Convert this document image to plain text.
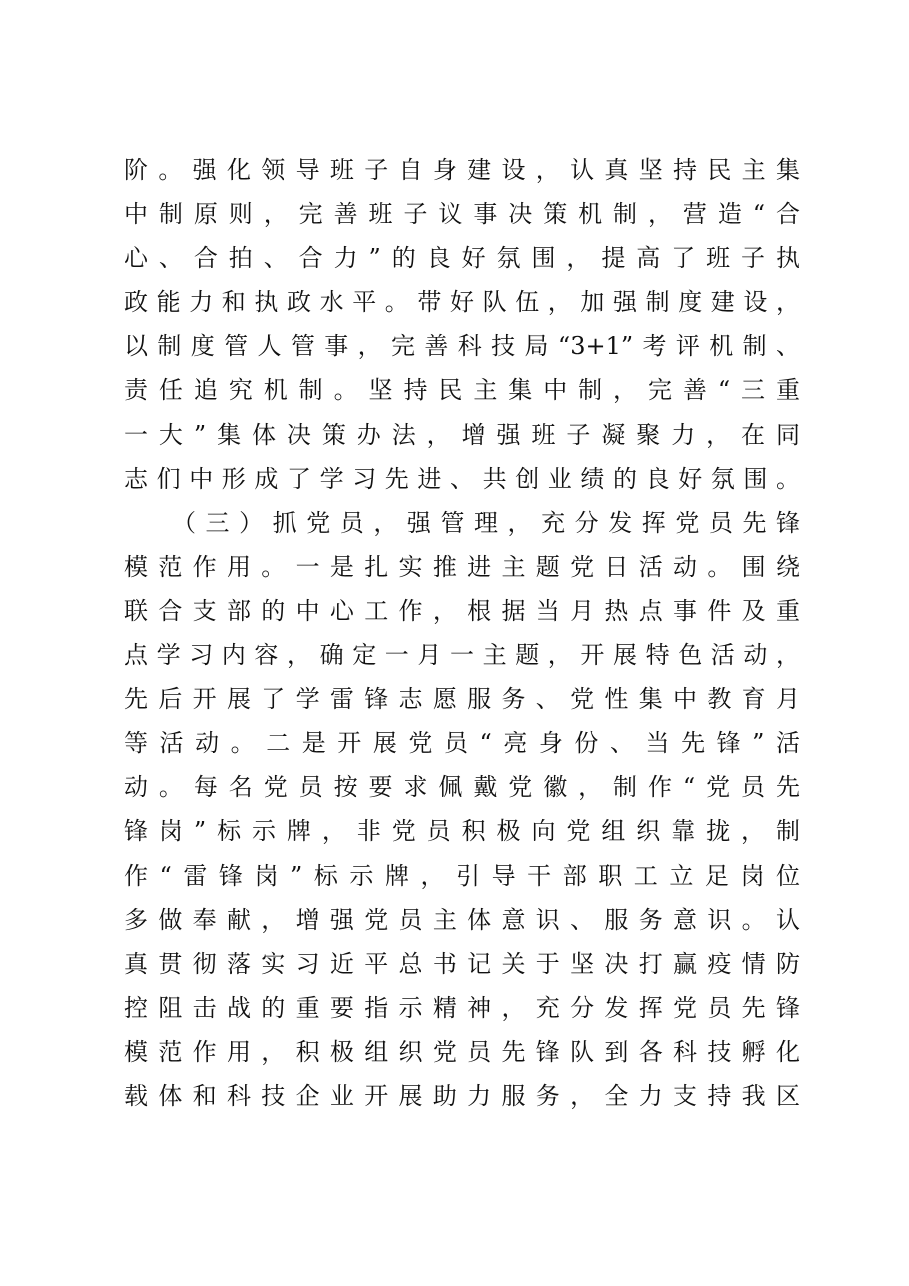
阶。强化领导班子自身建设，认真坚持民主集
中制原则，完善班子议事决策机制，营造“合
心、合拍、合力”的良好氛围，提高了班子执
政能力和执政水平。带好队伍，加强制度建设，
以制度管人管事，完善科技局“3+1”考评机制、
责任追究机制。坚持民主集中制，完善“三重
一大”集体决策办法，增强班子凝聚力，在同
志们中形成了学习先进、共创业绩的良好氛围。
（三）抓党员，强管理，充分发挥党员先锋
模范作用。一是扎实推进主题党日活动。围绕
联合支部的中心工作，根据当月热点事件及重
点学习内容，确定一月一主题，开展特色活动，
先后开展了学雷锋志愿服务、党性集中教育月
等活动。二是开展党员“亮身份、当先锋”活
动。每名党员按要求佩戴党徽，制作“党员先
锋岗”标示牌，非党员积极向党组织靠拢，制
作“雷锋岗”标示牌，引导干部职工立足岗位
多做奉献，增强党员主体意识、服务意识。认
真贯彻落实习近平总书记关于坚决打赢疫情防
控阻击战的重要指示精神，充分发挥党员先锋
模范作用，积极组织党员先锋队到各科技孵化
载体和科技企业开展助力服务，全力支持我区
